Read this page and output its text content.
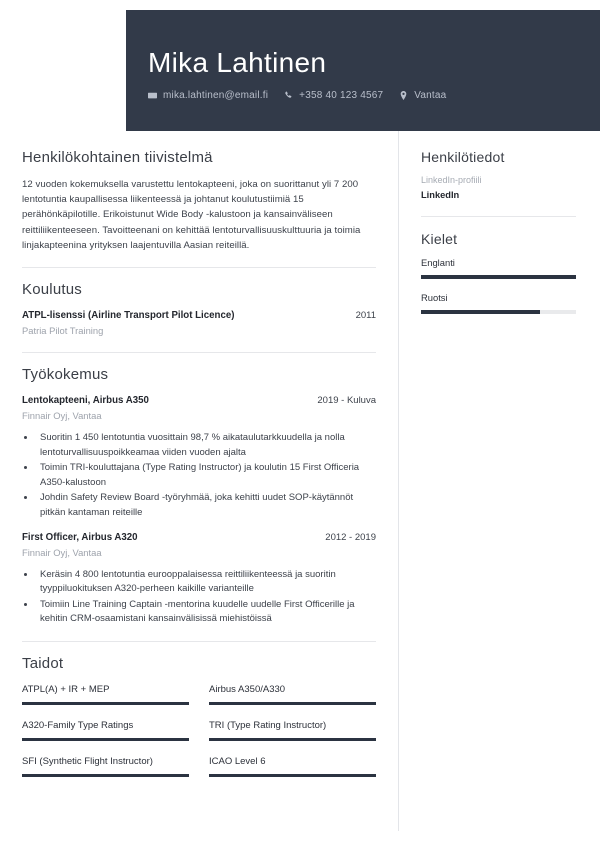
Mika Lahtinen
mika.lahtinen@email.fi	+358 40 123 4567	Vantaa
Henkilökohtainen tiivistelmä
12 vuoden kokemuksella varustettu lentokapteeni, joka on suorittanut yli 7 200 lentotuntia kaupallisessa liikenteessä ja johtanut koulutustiimiä 15 perähönkäpilotille. Erikoistunut Wide Body -kalustoon ja kansainväliseen reittiliikenteeseen. Tavoitteenani on kehittää lentoturvallisuuskulttuuria ja toimia linjakapteenina yrityksen laajentuvilla Aasian reiteillä.
Koulutus
ATPL-lisenssi (Airline Transport Pilot Licence)	2011
Patria Pilot Training
Työkokemus
Lentokapteeni, Airbus A350	2019 - Kuluva
Finnair Oyj, Vantaa
• Suoritin 1 450 lentotuntia vuosittain 98,7 % aikataulutarkkuudella ja nolla lentoturvallisuuspoikkeamaa viiden vuoden ajalta
• Toimin TRI-kouluttajana (Type Rating Instructor) ja koulutin 15 First Officeria A350-kalustoon
• Johdin Safety Review Board -työryhmää, joka kehitti uudet SOP-käytännöt pitkän kantaman reiteille
First Officer, Airbus A320	2012 - 2019
Finnair Oyj, Vantaa
• Keräsin 4 800 lentotuntia eurooppalaisessa reittiliikenteessä ja suoritin tyyppiluokituksen A320-perheen kaikille varianteille
• Toimiin Line Training Captain -mentorina kuudelle uudelle First Officerille ja kehitin CRM-osaamistani kansainvälisissä miehistöissä
Taidot
ATPL(A) + IR + MEP	Airbus A350/A330
A320-Family Type Ratings	TRI (Type Rating Instructor)
SFI (Synthetic Flight Instructor)	ICAO Level 6
Henkilötiedot
LinkedIn-profiili
LinkedIn
Kielet
Englanti
Ruotsi
